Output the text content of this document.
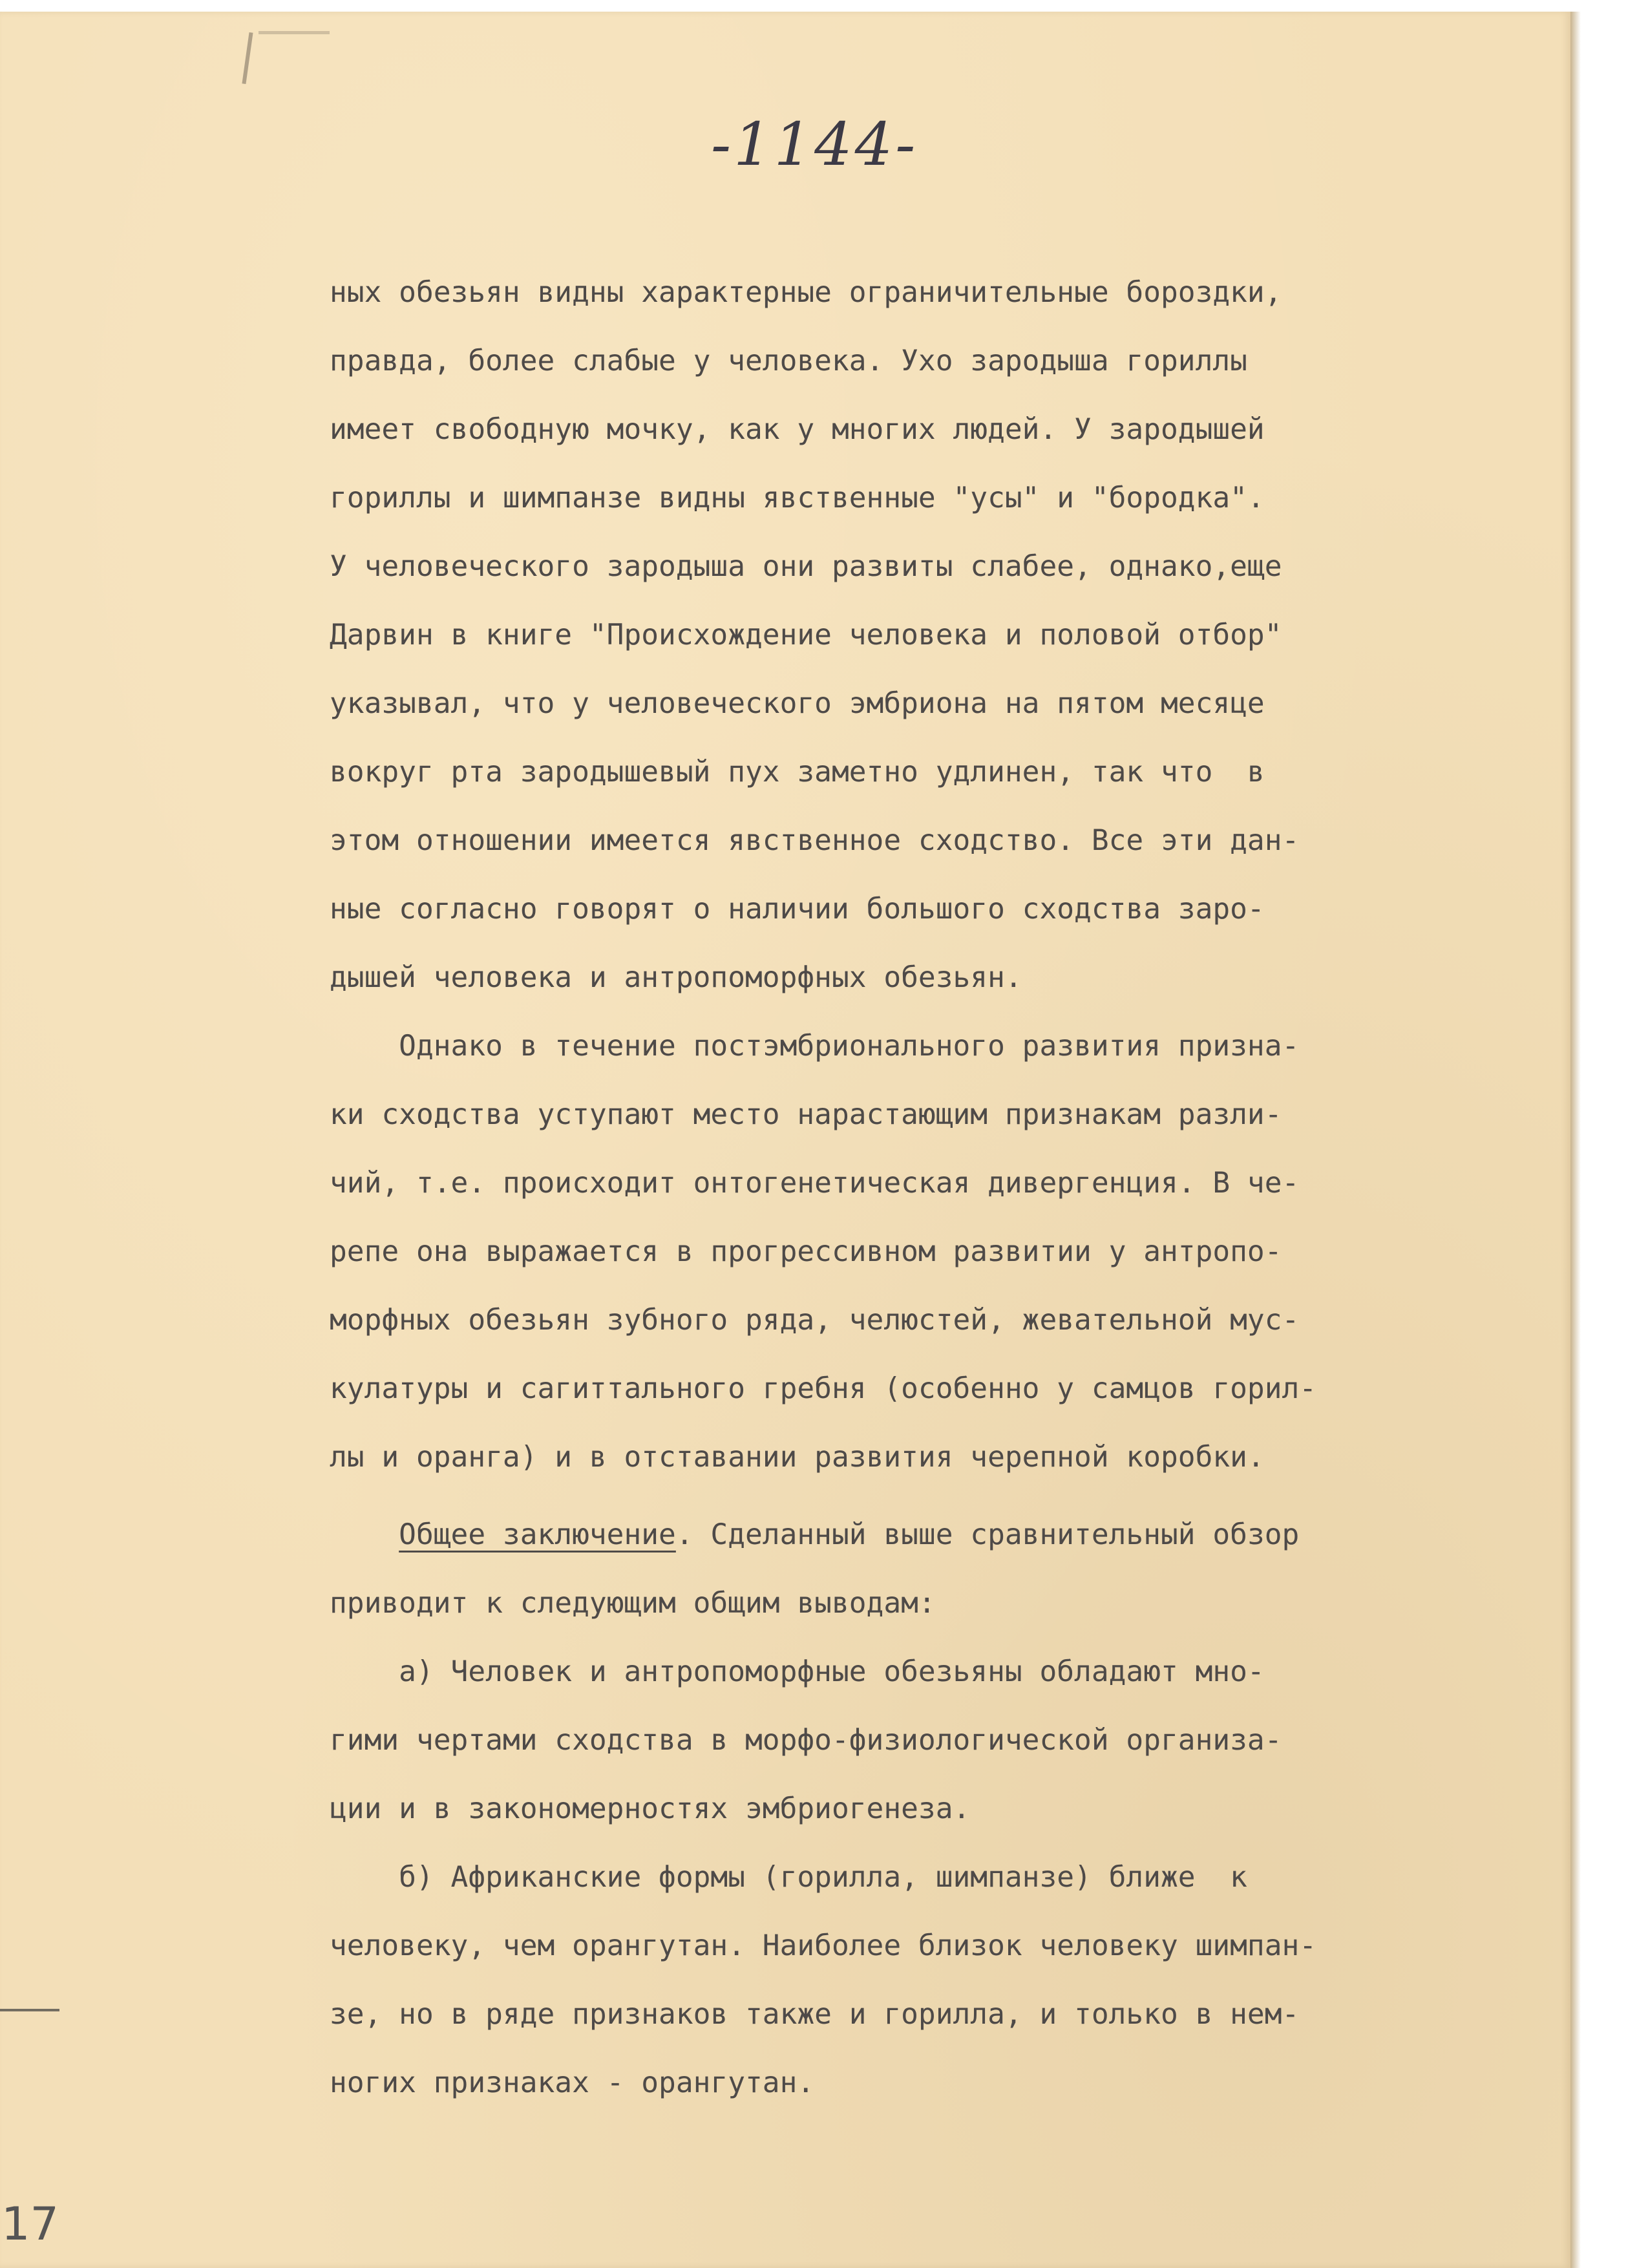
17
-1144-
ных обезьян видны характерные ограничительные бороздки,
правда, более слабые у человека. Ухо зародыша гориллы
имеет свободную мочку, как у многих людей. У зародышей
гориллы и шимпанзе видны явственные "усы" и "бородка".
У человеческого зародыша они развиты слабее, однако,еще
Дарвин в книге "Происхождение человека и половой отбор"
указывал, что у человеческого эмбриона на пятом месяце
вокруг рта зародышевый пух заметно удлинен, так что  в
этом отношении имеется явственное сходство. Все эти дан-
ные согласно говорят о наличии большого сходства заро-
дышей человека и антропоморфных обезьян.
Однако в течение постэмбрионального развития призна-
ки сходства уступают место нарастающим признакам разли-
чий, т.е. происходит онтогенетическая дивергенция. В че-
репе она выражается в прогрессивном развитии у антропо-
морфных обезьян зубного ряда, челюстей, жевательной мус-
кулатуры и сагиттального гребня (особенно у самцов горил-
лы и оранга) и в отставании развития черепной коробки.
Общее заключение. Сделанный выше сравнительный обзор
приводит к следующим общим выводам:
а) Человек и антропоморфные обезьяны обладают мно-
гими чертами сходства в морфо-физиологической организа-
ции и в закономерностях эмбриогенеза.
б) Африканские формы (горилла, шимпанзе) ближе  к
человеку, чем орангутан. Наиболее близок человеку шимпан-
зе, но в ряде признаков также и горилла, и только в нем-
ногих признаках - орангутан.
